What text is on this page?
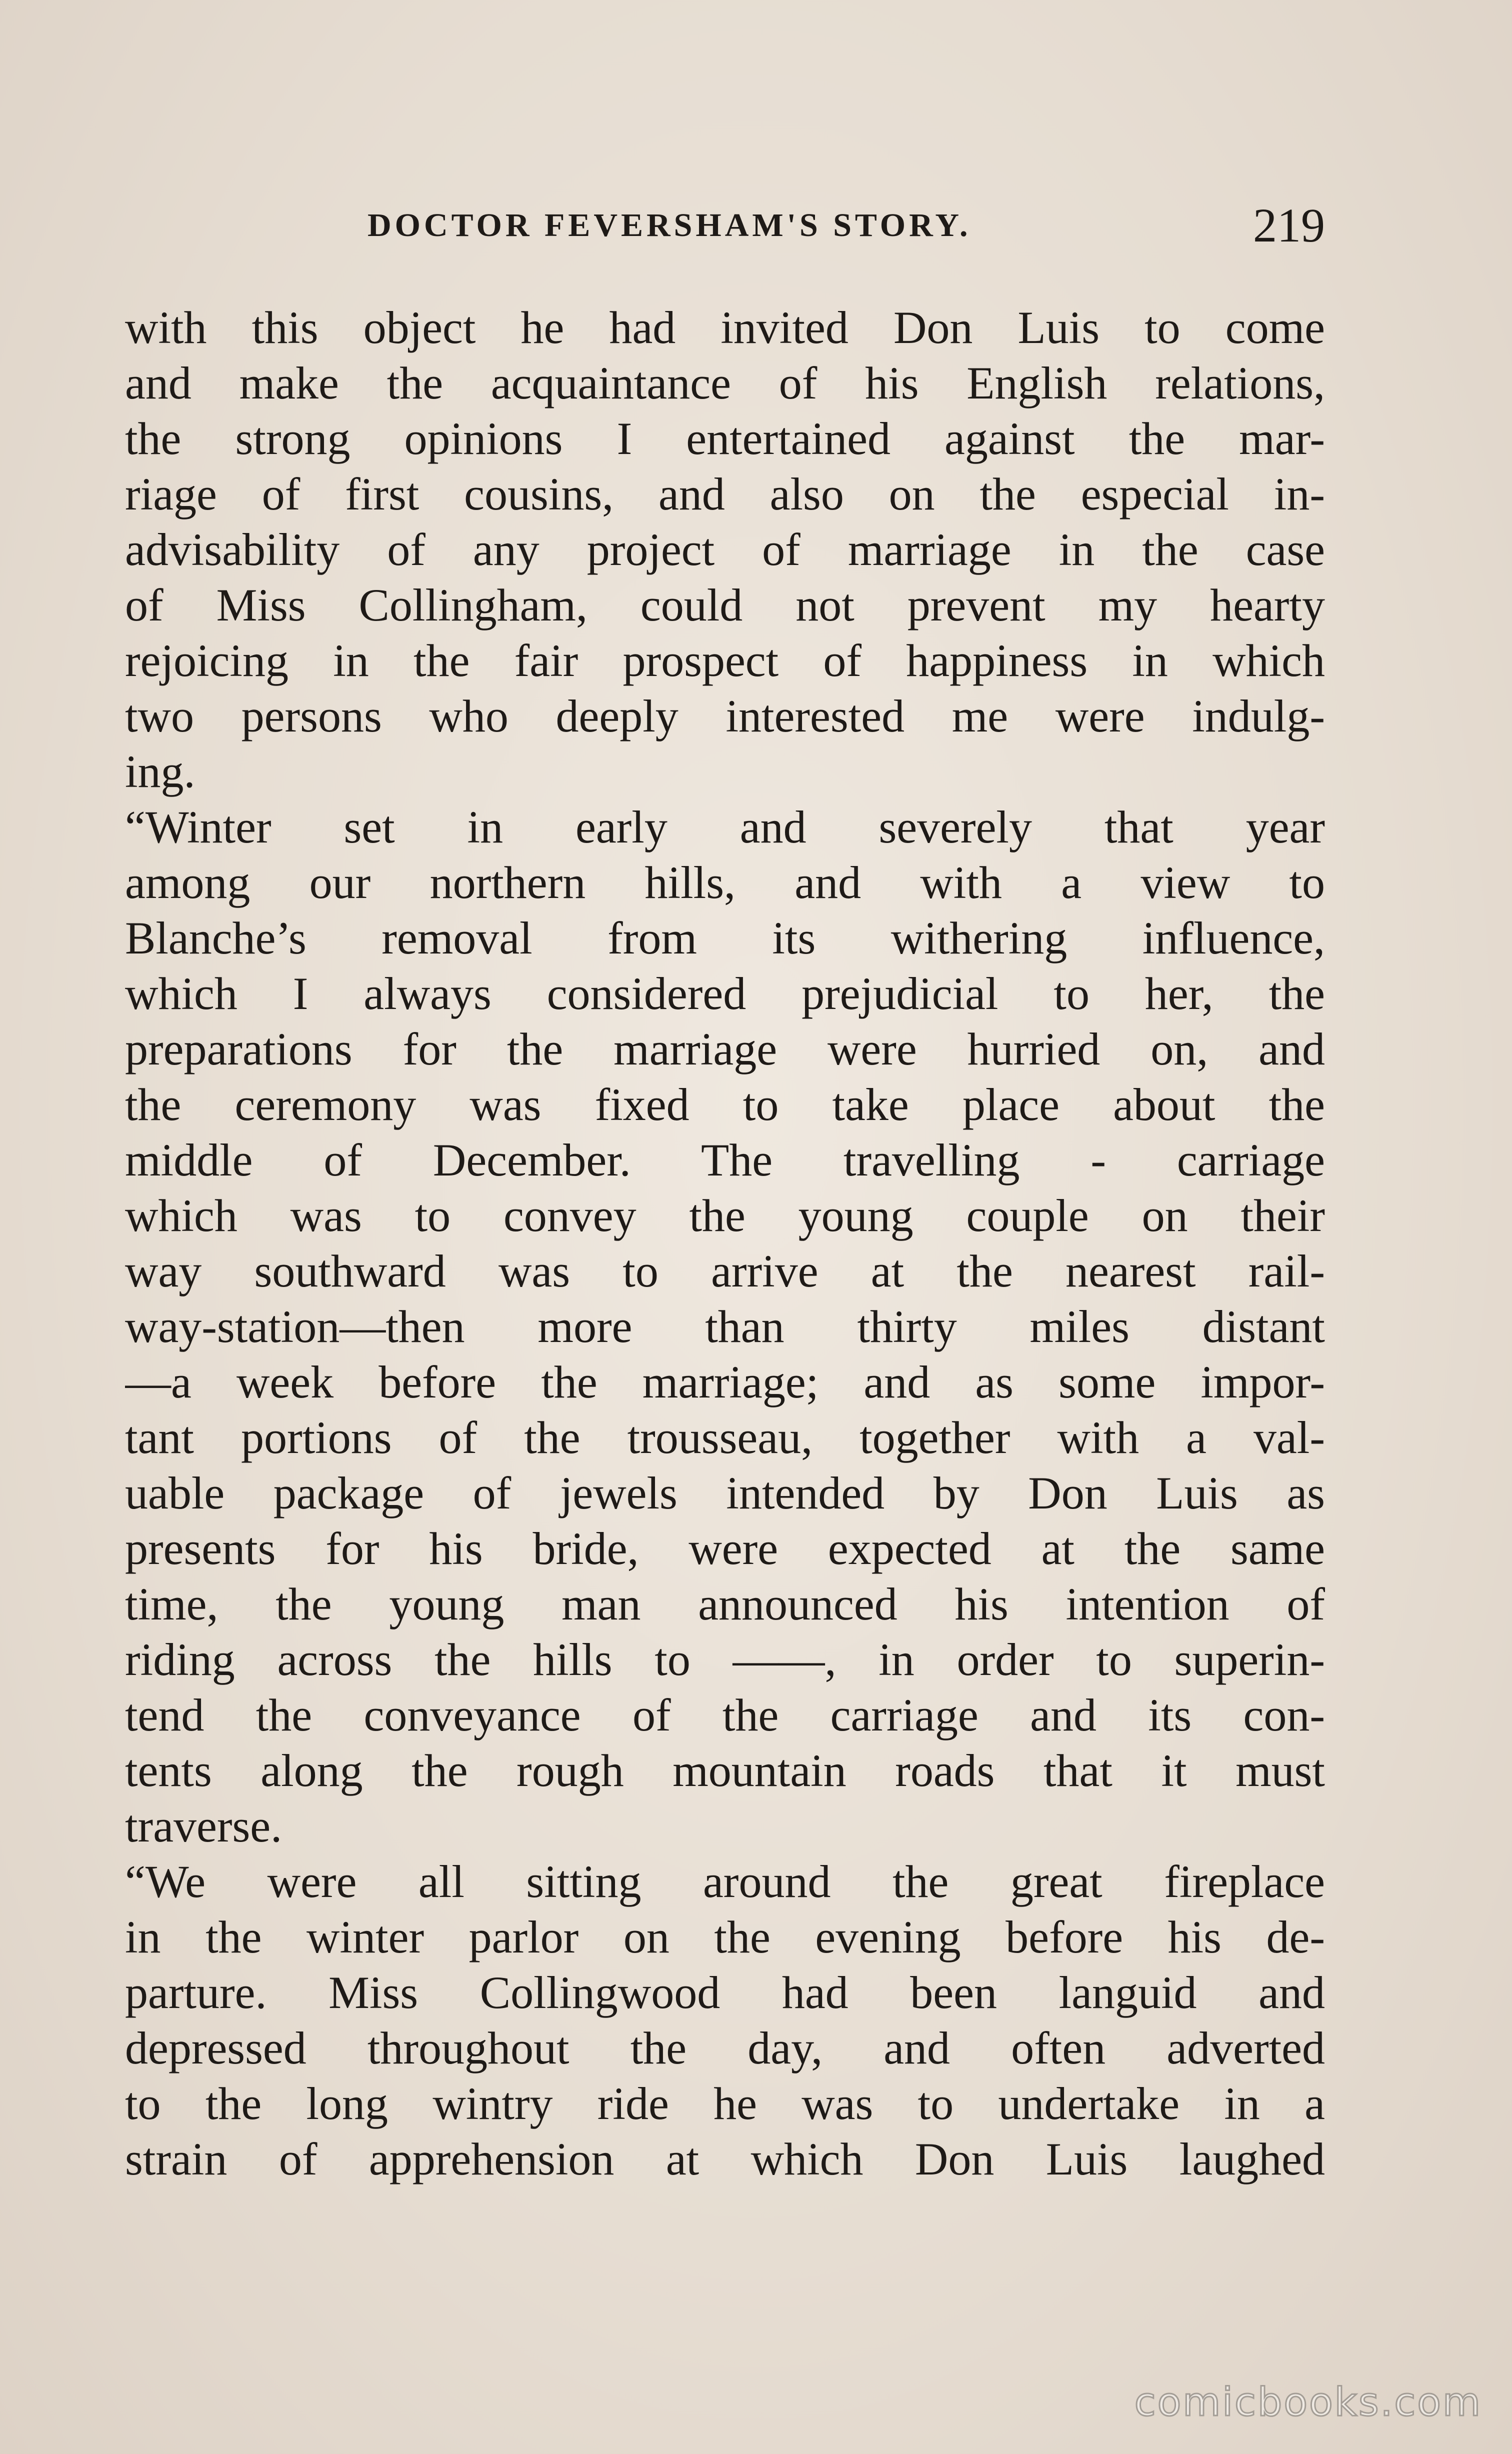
DOCTOR FEVERSHAM'S STORY.	219
with this object he had invited Don Luis to come
and make the acquaintance of his English relations,
the strong opinions I entertained against the mar-
riage of first cousins, and also on the especial in-
advisability of any project of marriage in the case
of Miss Collingham, could not prevent my hearty
rejoicing in the fair prospect of happiness in which
two persons who deeply interested me were indulg-
ing.
“Winter set in early and severely that year
among our northern hills, and with a view to
Blanche’s removal from its withering influence,
which I always considered prejudicial to her, the
preparations for the marriage were hurried on, and
the ceremony was fixed to take place about the
middle of December. The travelling - carriage
which was to convey the young couple on their
way southward was to arrive at the nearest rail-
way-station—then more than thirty miles distant
—a week before the marriage; and as some impor-
tant portions of the trousseau, together with a val-
uable package of jewels intended by Don Luis as
presents for his bride, were expected at the same
time, the young man announced his intention of
riding across the hills to ——, in order to superin-
tend the conveyance of the carriage and its con-
tents along the rough mountain roads that it must
traverse.
“We were all sitting around the great fireplace
in the winter parlor on the evening before his de-
parture. Miss Collingwood had been languid and
depressed throughout the day, and often adverted
to the long wintry ride he was to undertake in a
strain of apprehension at which Don Luis laughed
comicbooks.com
